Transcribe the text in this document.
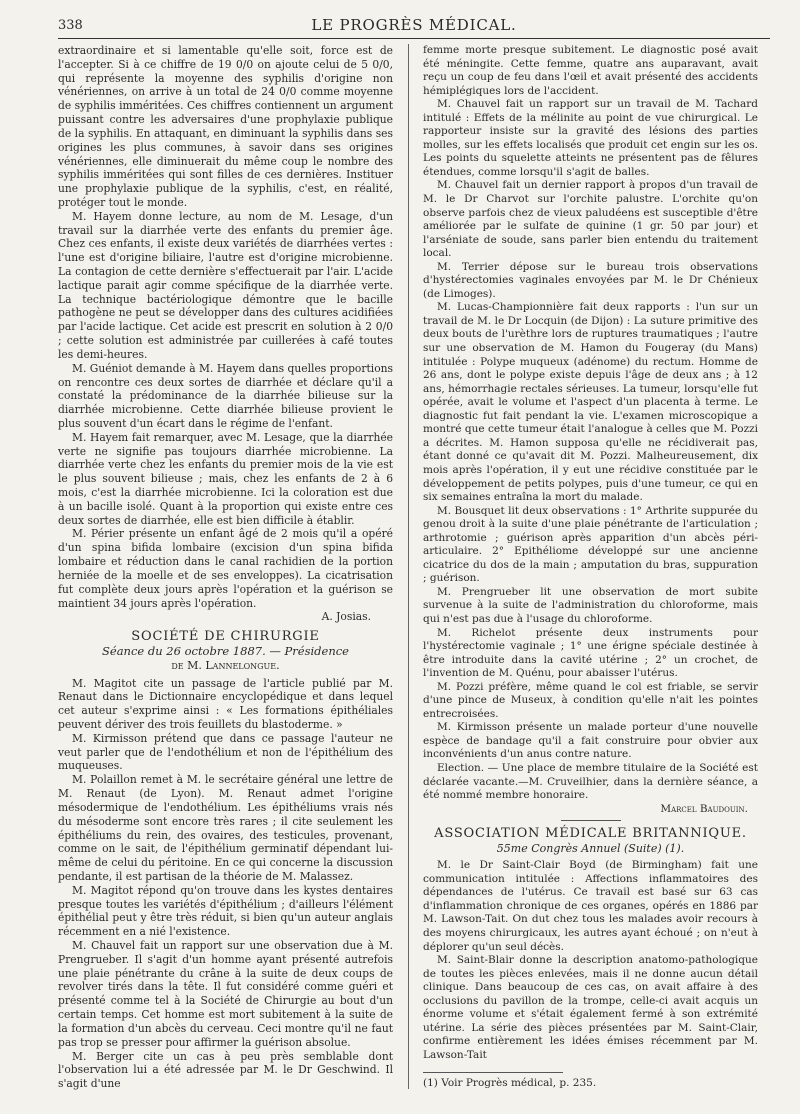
338	LE PROGRÈS MÉDICAL.

extraordinaire et si lamentable qu'elle soit, force est de l'accepter. Si à ce chiffre de 19 0/0 on ajoute celui de 5 0/0, qui représente la moyenne des syphilis d'origine non vénériennes, on arrive à un total de 24 0/0 comme moyenne de syphilis imméritées. Ces chiffres contiennent un argument puissant contre les adversaires d'une prophylaxie publique de la syphilis. En attaquant, en diminuant la syphilis dans ses origines les plus communes, à savoir dans ses origines vénériennes, elle diminuerait du même coup le nombre des syphilis imméritées qui sont filles de ces dernières. Instituer une prophylaxie publique de la syphilis, c'est, en réalité, protéger tout le monde.

M. Hayem donne lecture, au nom de M. Lesage, d'un travail sur la diarrhée verte des enfants du premier âge. Chez ces enfants, il existe deux variétés de diarrhées vertes : l'une est d'origine biliaire, l'autre est d'origine microbienne. La contagion de cette dernière s'effectuerait par l'air. L'acide lactique parait agir comme spécifique de la diarrhée verte. La technique bactériologique démontre que le bacille pathogène ne peut se développer dans des cultures acidifiées par l'acide lactique. Cet acide est prescrit en solution à 2 0/0 ; cette solution est administrée par cuillerées à café toutes les demi-heures.

M. Guéniot demande à M. Hayem dans quelles proportions on rencontre ces deux sortes de diarrhée et déclare qu'il a constaté la prédominance de la diarrhée bilieuse sur la diarrhée microbienne. Cette diarrhée bilieuse provient le plus souvent d'un écart dans le régime de l'enfant.

M. Hayem fait remarquer, avec M. Lesage, que la diarrhée verte ne signifie pas toujours diarrhée microbienne. La diarrhée verte chez les enfants du premier mois de la vie est le plus souvent bilieuse ; mais, chez les enfants de 2 à 6 mois, c'est la diarrhée microbienne. Ici la coloration est due à un bacille isolé. Quant à la proportion qui existe entre ces deux sortes de diarrhée, elle est bien difficile à établir.

M. Périer présente un enfant âgé de 2 mois qu'il a opéré d'un spina bifida lombaire (excision d'un spina bifida lombaire et réduction dans le canal rachidien de la portion herniée de la moelle et de ses enveloppes). La cicatrisation fut complète deux jours après l'opération et la guérison se maintient 34 jours après l'opération.

A. Josias.

SOCIÉTÉ DE CHIRURGIE

Séance du 26 octobre 1887. — Présidence

de M. Lannelongue.

M. Magitot cite un passage de l'article publié par M. Renaut dans le Dictionnaire encyclopédique et dans lequel cet auteur s'exprime ainsi : « Les formations épithéliales peuvent dériver des trois feuillets du blastoderme. »

M. Kirmisson prétend que dans ce passage l'auteur ne veut parler que de l'endothélium et non de l'épithélium des muqueuses.

M. Polaillon remet à M. le secrétaire général une lettre de M. Renaut (de Lyon). M. Renaut admet l'origine mésodermique de l'endothélium. Les épithéliums vrais nés du mésoderme sont encore très rares ; il cite seulement les épithéliums du rein, des ovaires, des testicules, provenant, comme on le sait, de l'épithélium germinatif dépendant lui-même de celui du péritoine. En ce qui concerne la discussion pendante, il est partisan de la théorie de M. Malassez.

M. Magitot répond qu'on trouve dans les kystes dentaires presque toutes les variétés d'épithélium ; d'ailleurs l'élément épithélial peut y être très réduit, si bien qu'un auteur anglais récemment en a nié l'existence.

M. Chauvel fait un rapport sur une observation due à M. Prengrueber. Il s'agit d'un homme ayant présenté autrefois une plaie pénétrante du crâne à la suite de deux coups de revolver tirés dans la tête. Il fut considéré comme guéri et présenté comme tel à la Société de Chirurgie au bout d'un certain temps. Cet homme est mort subitement à la suite de la formation d'un abcès du cerveau. Ceci montre qu'il ne faut pas trop se presser pour affirmer la guérison absolue.

M. Berger cite un cas à peu près semblable dont l'observation lui a été adressée par M. le Dr Geschwind. Il s'agit d'une

femme morte presque subitement. Le diagnostic posé avait été méningite. Cette femme, quatre ans auparavant, avait reçu un coup de feu dans l'œil et avait présenté des accidents hémiplégiques lors de l'accident.

M. Chauvel fait un rapport sur un travail de M. Tachard intitulé : Effets de la mélinite au point de vue chirurgical. Le rapporteur insiste sur la gravité des lésions des parties molles, sur les effets localisés que produit cet engin sur les os. Les points du squelette atteints ne présentent pas de fêlures étendues, comme lorsqu'il s'agit de balles.

M. Chauvel fait un dernier rapport à propos d'un travail de M. le Dr Charvot sur l'orchite palustre. L'orchite qu'on observe parfois chez de vieux paludéens est susceptible d'être améliorée par le sulfate de quinine (1 gr. 50 par jour) et l'arséniate de soude, sans parler bien entendu du traitement local.

M. Terrier dépose sur le bureau trois observations d'hystérectomies vaginales envoyées par M. le Dr Chénieux (de Limoges).

M. Lucas-Championnière fait deux rapports : l'un sur un travail de M. le Dr Locquin (de Dijon) : La suture primitive des deux bouts de l'urèthre lors de ruptures traumatiques ; l'autre sur une observation de M. Hamon du Fougeray (du Mans) intitulée : Polype muqueux (adénome) du rectum. Homme de 26 ans, dont le polype existe depuis l'âge de deux ans ; à 12 ans, hémorrhagie rectales sérieuses. La tumeur, lorsqu'elle fut opérée, avait le volume et l'aspect d'un placenta à terme. Le diagnostic fut fait pendant la vie. L'examen microscopique a montré que cette tumeur était l'analogue à celles que M. Pozzi a décrites. M. Hamon supposa qu'elle ne récidiverait pas, étant donné ce qu'avait dit M. Pozzi. Malheureusement, dix mois après l'opération, il y eut une récidive constituée par le développement de petits polypes, puis d'une tumeur, ce qui en six semaines entraîna la mort du malade.

M. Bousquet lit deux observations : 1° Arthrite suppurée du genou droit à la suite d'une plaie pénétrante de l'articulation ; arthrotomie ; guérison après apparition d'un abcès péri-articulaire. 2° Epithéliome développé sur une ancienne cicatrice du dos de la main ; amputation du bras, suppuration ; guérison.

M. Prengrueber lit une observation de mort subite survenue à la suite de l'administration du chloroforme, mais qui n'est pas due à l'usage du chloroforme.

M. Richelot présente deux instruments pour l'hystérectomie vaginale ; 1° une érigne spéciale destinée à être introduite dans la cavité utérine ; 2° un crochet, de l'invention de M. Quénu, pour abaisser l'utérus.

M. Pozzi préfère, même quand le col est friable, se servir d'une pince de Museux, à condition qu'elle n'ait les pointes entrecroisées.

M. Kirmisson présente un malade porteur d'une nouvelle espèce de bandage qu'il a fait construire pour obvier aux inconvénients d'un anus contre nature.

Election. — Une place de membre titulaire de la Société est déclarée vacante.—M. Cruveilhier, dans la dernière séance, a été nommé membre honoraire.

Marcel Baudouin.

ASSOCIATION MÉDICALE BRITANNIQUE.

55me Congrès Annuel (Suite) (1).

M. le Dr Saint-Clair Boyd (de Birmingham) fait une communication intitulée : Affections inflammatoires des dépendances de l'utérus. Ce travail est basé sur 63 cas d'inflammation chronique de ces organes, opérés en 1886 par M. Lawson-Tait. On dut chez tous les malades avoir recours à des moyens chirurgicaux, les autres ayant échoué ; on n'eut à déplorer qu'un seul décès.

M. Saint-Blair donne la description anatomo-pathologique de toutes les pièces enlevées, mais il ne donne aucun détail clinique. Dans beaucoup de ces cas, on avait affaire à des occlusions du pavillon de la trompe, celle-ci avait acquis un énorme volume et s'était également fermé à son extrémité utérine. La série des pièces présentées par M. Saint-Clair, confirme entièrement les idées émises récemment par M. Lawson-Tait

(1) Voir Progrès médical, p. 235.
